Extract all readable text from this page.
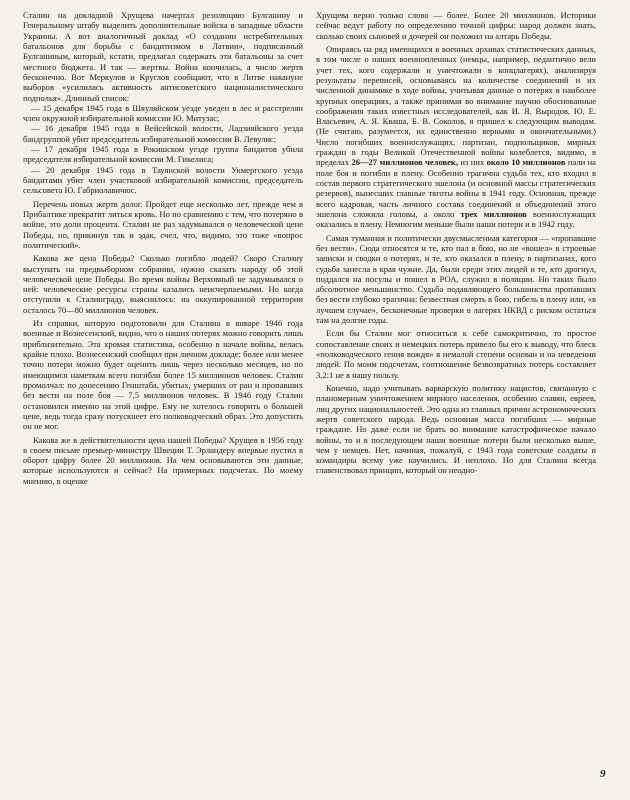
Сталин на докладной Хрущева начертал резолюцию Булганину и Генеральному штабу выделить дополнительные войска в западные области Украины. А вот аналогичный доклад «О создании истребительных батальонов для борьбы с бандитизмом в Латвии», подписанный Булганиным, который, кстати, предлагал содержать эти батальоны за счет местного бюджета. И так — жертвы. Война кончилась, а число жертв бесконечно. Вот Меркулов и Круглов сообщают, что в Литве накануне выборов «усилилась активность антисоветского националистического подполья». Длинный список:

— 15 декабря 1945 года в Шяуляйском уезде уведен в лес и расстрелян член окружной избирательной комиссии Ю. Митузас;

— 16 декабря 1945 года в Вейсейской волости, Ладзияйского уезда бандгруппой убит председатель избирательной комиссии В. Левулис;

— 17 декабря 1945 года в Рокишском уезде группа бандитов убила председателя избирательной комиссии М. Гикелиса;

— 20 декабря 1945 года в Тауянской волости Укмергского уезда бандитами убит член участковой избирательной комиссии, председатель сельсовета Ю. Габриолавичюс.

Перечень новых жертв долог. Пройдет еще несколько лет, прежде чем в Прибалтике прекратит литься кровь. Но по сравнению с тем, что потеряно в войне, это доли процента. Сталин не раз задумывался о человеческой цене Победы, но, прикинув так и эдак, счел, что, видимо, это тоже «вопрос политический».

Какова же цена Победы? Сколько погибло людей? Скоро Сталину выступать на предвыборном собрании, нужно сказать народу об этой человеческой цене Победы. Во время войны Верховный не задумывался о ней: человеческие ресурсы страны казались неисчерпаемыми. Но когда отступили к Сталинграду, выяснилось: на оккупированной территории осталось 70—80 миллионов человек.

Из справки, которую подготовили для Сталина в январе 1946 года военные и Вознесенский, видно, что о наших потерях можно говорить лишь приблизительно. Эта хромая статистика, особенно в начале войны, велась крайне плохо. Вознесенский сообщил при личном докладе: более или менее точно потери можно будет оценить лишь через несколько месяцев, но по имеющимся наметкам всего погибли более 15 миллионов человек. Сталин промолчал: по донесению Генштаба, убитых, умерших от ран и пропавших без вести на поле боя — 7,5 миллионов человек. В 1946 году Сталин остановился именно на этой цифре. Ему не хотелось говорить о большей цене, ведь тогда сразу потускнеет его полководческий образ. Это допустить он не мог.

Какова же в действительности цена нашей Победы? Хрущев в 1956 году в своем письме премьер-министру Швеции Т. Эрландеру впервые пустил в оборот цифру более 20 миллионов. На чем основываются эти данные, которые используются и сейчас? На примерных подсчетах. По моему мнению, в оценке

Хрущева верно только слово — более. Более 20 миллионов. Историки сейчас ведут работу по определению точной цифры: народ должен знать, сколько своих сыновей и дочерей он положил на алтарь Победы.

Опираясь на ряд имеющихся в военных архивах статистических данных, в том числе о наших военнопленных (немцы, например, педантично вели учет тех, кого содержали и уничтожали в концлагерях), анализируя результаты переписей, основываясь на количестве соединений и их численной динамике в ходе войны, учитывая данные о потерях в наиболее крупных операциях, а также принимая во внимание научно обоснованные соображения таких известных исследователей, как И. Я. Выродов, Ю. Е. Власьевич, А. Я. Кваша, Б. В. Соколов, я пришел к следующим выводам. (Не считаю, разумеется, их единственно верными и окончательными.) Число погибших военнослужащих, партизан, подпольщиков, мирных граждан в годы Великой Отечественной войны колеблется, видимо, в пределах 26—27 миллионов человек, из них около 10 миллионов пали на поле боя и погибли в плену. Особенно трагична судьба тех, кто входил в состав первого стратегического эшелона (и основной массы стратегических резервов), вынесших главные тяготы войны в 1941 году. Основная, прежде всего кадровая, часть личного состава соединений и объединений этого эшелона сложила головы, а около трех миллионов военнослужащих оказались в плену. Немногим меньше были наши потери и в 1942 году.

Самая туманная и политически двусмысленная категория — «пропавшие без вести». Сюда относятся и те, кто пал в бою, но не «вошел» в строевые записки и сводки о потерях, и те, кто оказался в плену, в партизанах, кого судьба занесла в края чужие. Да, были среди этих людей и те, кто дрогнул, поддался на посулы и пошел в РОА, служил в полиции. Но таких было абсолютное меньшинство. Судьба подавляющего большинства пропавших без вести глубоко трагична: безвестная смерть в бою, гибель в плену или, «в лучшем случае», бесконечные проверки в лагерях НКВД с риском остаться там на долгие годы.

Если бы Сталин мог относиться к себе самокритично, то простое сопоставление своих и немецких потерь привело бы его к выводу, что блеск «полководческого гения вождя» в немалой степени основан и на неведении людей. По моим подсчетам, соотношение безвозвратных потерь составляет 3,2:1 не в нашу пользу.

Конечно, надо учитывать варварскую политику нацистов, связанную с планомерным уничтожением мирного населения, особенно славян, евреев, лиц других национальностей. Это одна из главных причин астрономических жертв советского народа. Ведь основная масса погибших — мирные граждане. Но даже если не брать во внимание катастрофическое начало войны, то и в последующем наши военные потери были несколько выше, чем у немцев. Нет, начиная, пожалуй, с 1943 года советские солдаты и командиры всему уже научились. И неплохо. Но для Сталина всегда главенствовал принцип, который он неодно-

9
